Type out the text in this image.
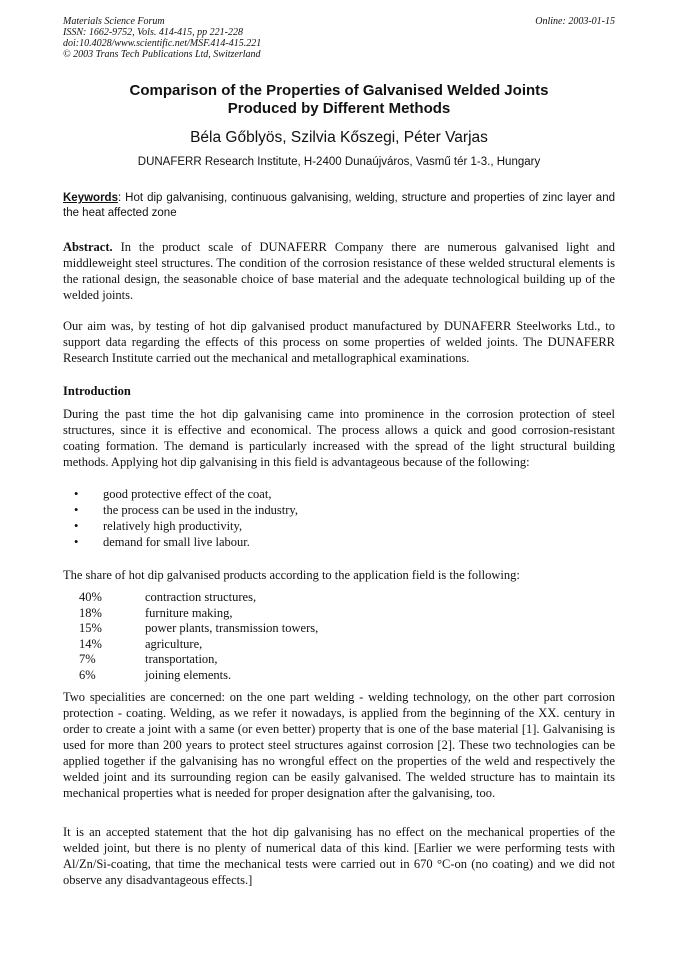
Materials Science Forum
ISSN: 1662-9752, Vols. 414-415, pp 221-228
doi:10.4028/www.scientific.net/MSF.414-415.221
© 2003 Trans Tech Publications Ltd, Switzerland
Online: 2003-01-15
Comparison of the Properties of Galvanised Welded Joints
Produced by Different Methods
Béla Gőblyös, Szilvia Kőszegi, Péter Varjas
DUNAFERR Research Institute, H-2400 Dunaújváros, Vasmű tér 1-3., Hungary
Keywords: Hot dip galvanising, continuous galvanising, welding, structure and properties of zinc layer and the heat affected zone

Abstract. In the product scale of DUNAFERR Company there are numerous galvanised light and middleweight steel structures. The condition of the corrosion resistance of these welded structural elements is the rational design, the seasonable choice of base material and the adequate technological building up of the welded joints.

Our aim was, by testing of hot dip galvanised product manufactured by DUNAFERR Steelworks Ltd., to support data regarding the effects of this process on some properties of welded joints. The DUNAFERR Research Institute carried out the mechanical and metallographical examinations.

Introduction

During the past time the hot dip galvanising came into prominence in the corrosion protection of steel structures, since it is effective and economical. The process allows a quick and good corrosion-resistant coating formation. The demand is particularly increased with the spread of the light structural building methods. Applying hot dip galvanising in this field is advantageous because of the following:

• good protective effect of the coat,
• the process can be used in the industry,
• relatively high productivity,
• demand for small live labour.

The share of hot dip galvanised products according to the application field is the following:

40%	contraction structures,
18%	furniture making,
15%	power plants, transmission towers,
14%	agriculture,
7%	transportation,
6%	joining elements.

Two specialities are concerned: on the one part welding - welding technology, on the other part corrosion protection - coating. Welding, as we refer it nowadays, is applied from the beginning of the XX. century in order to create a joint with a same (or even better) property that is one of the base material [1]. Galvanising is used for more than 200 years to protect steel structures against corrosion [2]. These two technologies can be applied together if the galvanising has no wrongful effect on the properties of the weld and respectively the welded joint and its surrounding region can be easily galvanised. The welded structure has to maintain its mechanical properties what is needed for proper designation after the galvanising, too.

It is an accepted statement that the hot dip galvanising has no effect on the mechanical properties of the welded joint, but there is no plenty of numerical data of this kind. [Earlier we were performing tests with Al/Zn/Si-coating, that time the mechanical tests were carried out in 670 °C-on (no coating) and we did not observe any disadvantageous effects.]
